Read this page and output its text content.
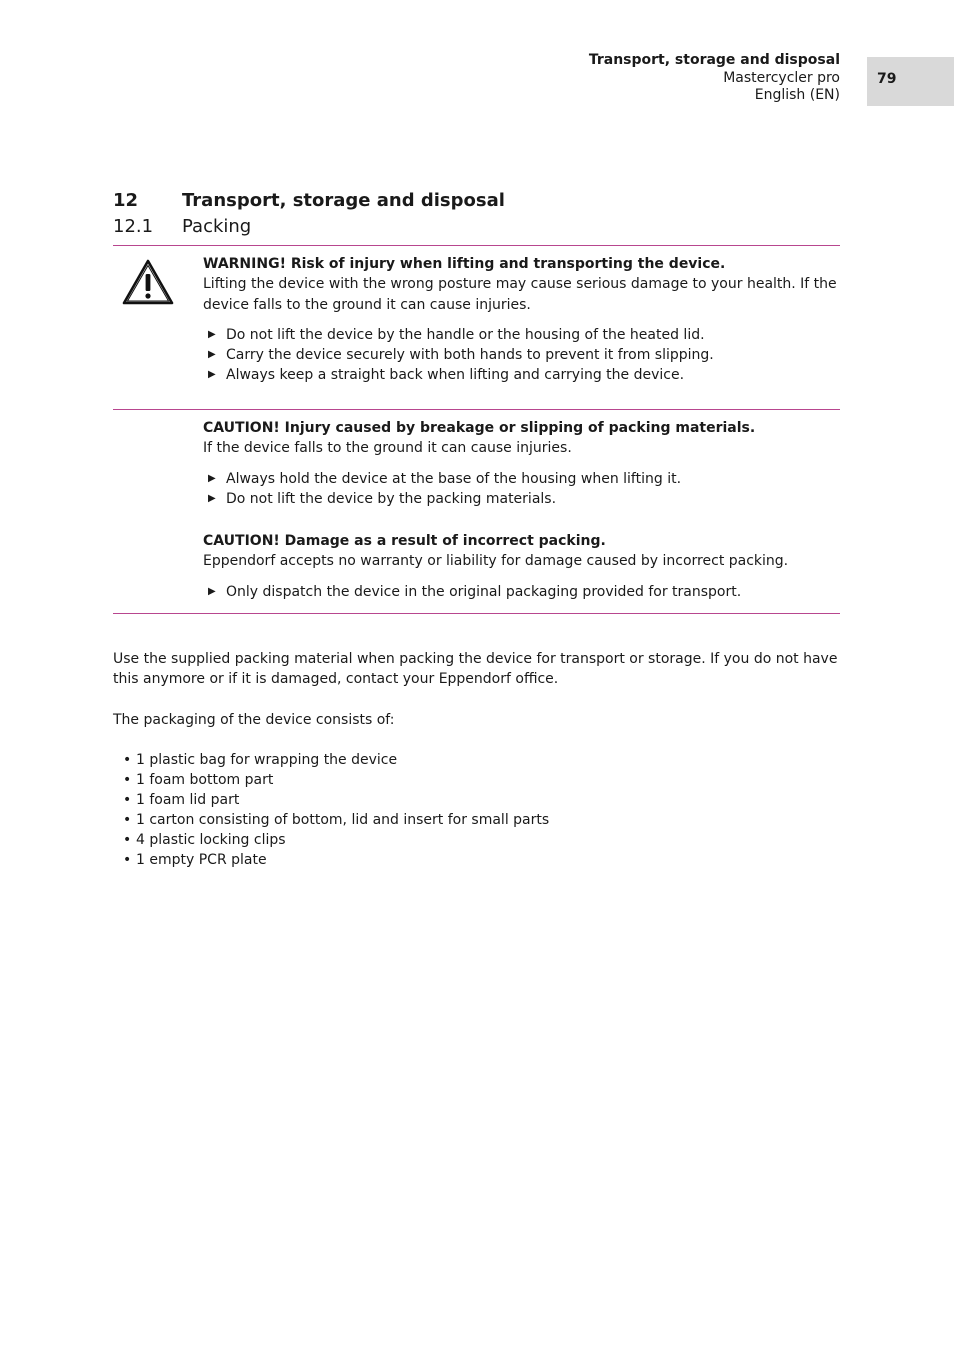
Transport, storage and disposal
Mastercycler pro
English (EN)
79
12 Transport, storage and disposal
12.1 Packing
WARNING! Risk of injury when lifting and transporting the device.
Lifting the device with the wrong posture may cause serious damage to your health. If the device falls to the ground it can cause injuries.
▶ Do not lift the device by the handle or the housing of the heated lid.
▶ Carry the device securely with both hands to prevent it from slipping.
▶ Always keep a straight back when lifting and carrying the device.
CAUTION! Injury caused by breakage or slipping of packing materials.
If the device falls to the ground it can cause injuries.
▶ Always hold the device at the base of the housing when lifting it.
▶ Do not lift the device by the packing materials.
CAUTION! Damage as a result of incorrect packing.
Eppendorf accepts no warranty or liability for damage caused by incorrect packing.
▶ Only dispatch the device in the original packaging provided for transport.
Use the supplied packing material when packing the device for transport or storage. If you do not have this anymore or if it is damaged, contact your Eppendorf office.
The packaging of the device consists of:
• 1 plastic bag for wrapping the device
• 1 foam bottom part
• 1 foam lid part
• 1 carton consisting of bottom, lid and insert for small parts
• 4 plastic locking clips
• 1 empty PCR plate
